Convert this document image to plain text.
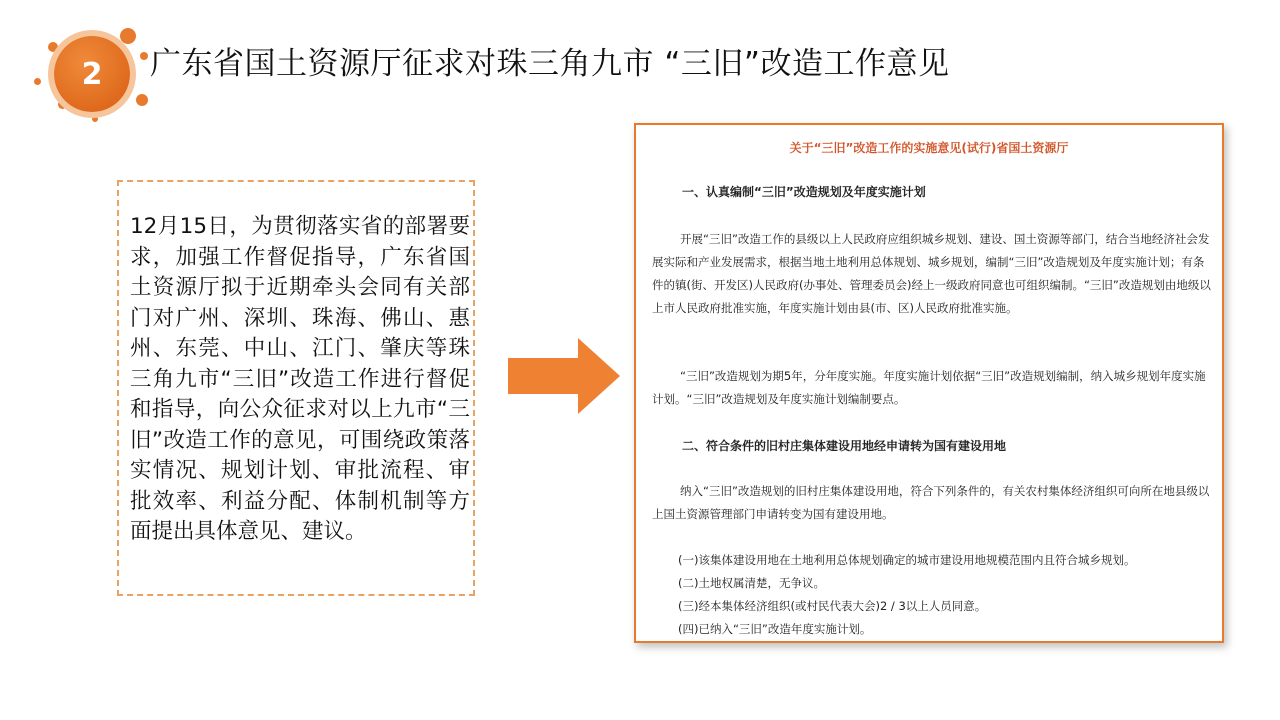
2	广东省国土资源厅征求对珠三角九市 “三旧”改造工作意见
12月15日，为贯彻落实省的部署要求，加强工作督促指导，广东省国土资源厅拟于近期牵头会同有关部门对广州、深圳、珠海、佛山、惠州、东莞、中山、江门、肇庆等珠三角九市“三旧”改造工作进行督促和指导，向公众征求对以上九市“三旧”改造工作的意见，可围绕政策落实情况、规划计划、审批流程、审批效率、利益分配、体制机制等方面提出具体意见、建议。
关于“三旧”改造工作的实施意见(试行)省国土资源厅
一、认真编制“三旧”改造规划及年度实施计划
开展“三旧”改造工作的县级以上人民政府应组织城乡规划、建设、国土资源等部门，结合当地经济社会发展实际和产业发展需求，根据当地土地利用总体规划、城乡规划，编制“三旧”改造规划及年度实施计划；有条件的镇(街、开发区)人民政府(办事处、管理委员会)经上一级政府同意也可组织编制。“三旧”改造规划由地级以上市人民政府批准实施，年度实施计划由县(市、区)人民政府批准实施。
“三旧”改造规划为期5年，分年度实施。年度实施计划依据“三旧”改造规划编制，纳入城乡规划年度实施计划。“三旧”改造规划及年度实施计划编制要点。
二、符合条件的旧村庄集体建设用地经申请转为国有建设用地
纳入“三旧”改造规划的旧村庄集体建设用地，符合下列条件的，有关农村集体经济组织可向所在地县级以上国土资源管理部门申请转变为国有建设用地。
(一)该集体建设用地在土地利用总体规划确定的城市建设用地规模范围内且符合城乡规划。
(二)土地权属清楚，无争议。
(三)经本集体经济组织(或村民代表大会)2 / 3以上人员同意。
(四)已纳入“三旧”改造年度实施计划。
